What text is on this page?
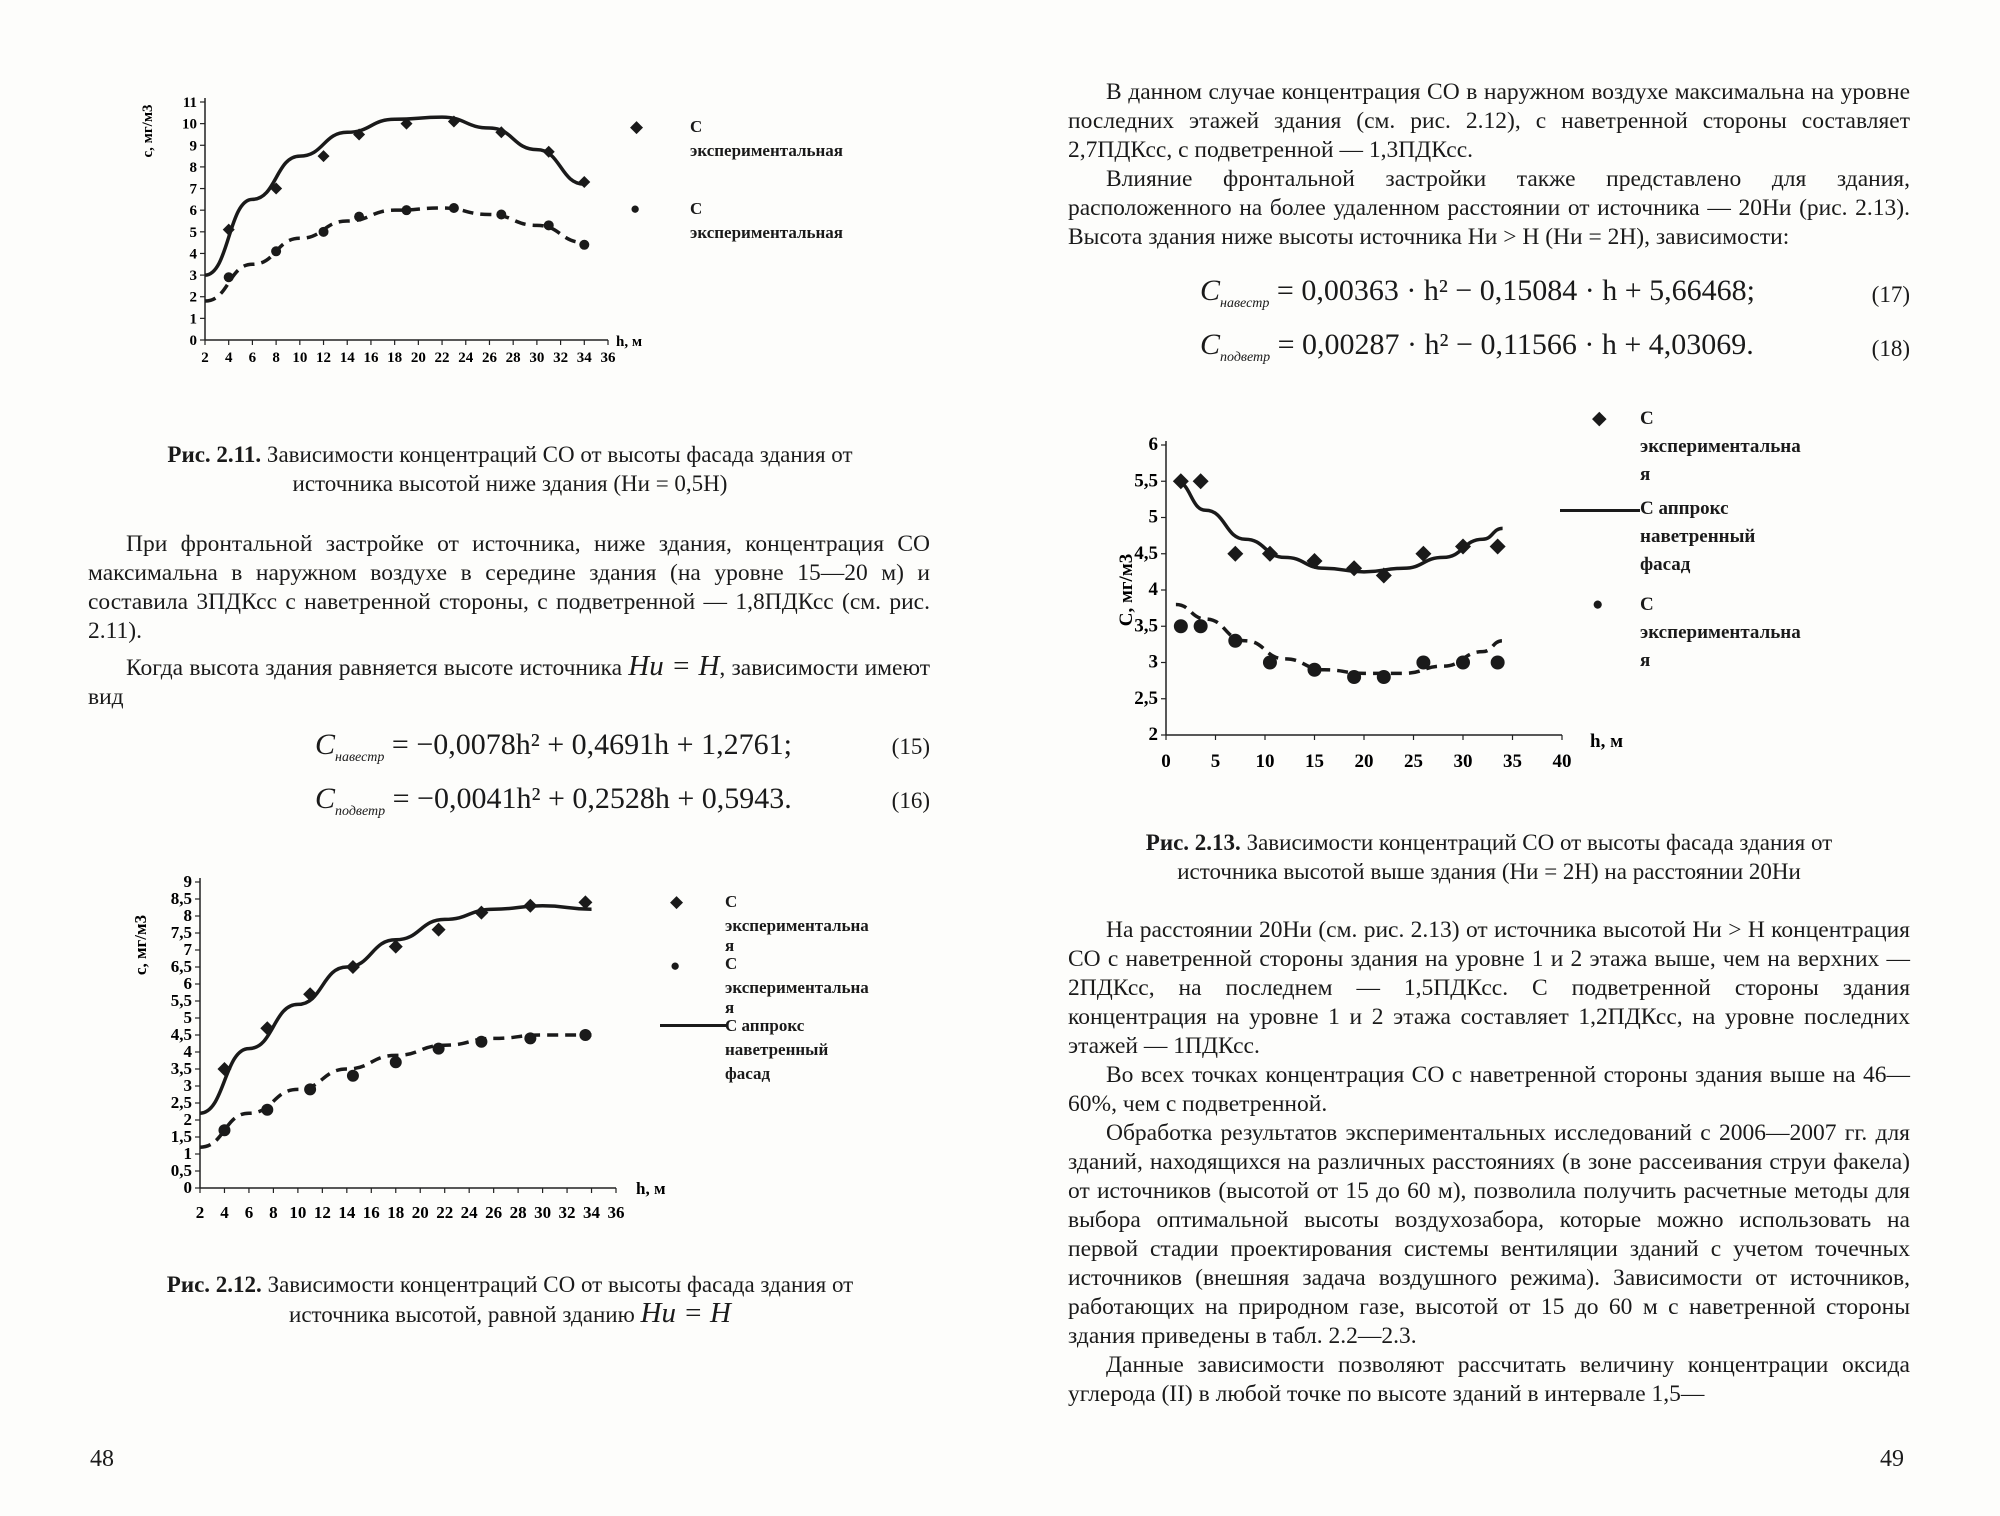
0
1
2
3
4
5
6
7
8
9
10
11
2 4 6 8 10 12 14 16 18 20 22 24 26 28 30 32 34 36
h, м
c, мг/м3	◆	С
экспериментальная
●	С
экспериментальная
Рис. 2.11. Зависимости концентраций СО от высоты фасада здания от
источника высотой ниже здания (Hи = 0,5H)

При фронтальной застройке от источника, ниже здания, концентрация СО максимальна в наружном воздухе в середине здания (на уровне 15—20 м) и составила 3ПДКсс с наветренной стороны, с подветренной — 1,8ПДКсс (см. рис. 2.11).

Когда высота здания равняется высоте источника Hи = H, зависимости имеют вид

$C_{навестр} = -0,0078h^2 + 0,4691h + 1,2761$;	(15)
$C_{подветр} = -0,0041h^2 + 0,2528h + 0,5943$.	(16)
0
0,5
1
1,5
2
2,5
3
3,5
4
4,5
5
5,5
6
6,5
7
7,5
8
8,5
9
2 4 6 8 10 12 14 16 18 20 22 24 26 28 30 32 34 36
h, м
c, мг/м3
◆ С
экспериментальна
я
●	С
экспериментальна
я
С аппрокс
наветренный
фасад
Рис. 2.12. Зависимости концентраций СО от высоты фасада здания от
источника высотой, равной зданию Hи = H
48

В данном случае концентрация СО в наружном воздухе максимальна на уровне последних этажей здания (см. рис. 2.12), с наветренной стороны составляет 2,7ПДКсс, с подветренной — 1,3ПДКсс.

Влияние фронтальной застройки также представлено для здания, расположенного на более удаленном расстоянии от источника — 20Hи (рис. 2.13). Высота здания ниже высоты источника Hи > H (Hи = 2H), зависимости:

$C_{навестр} = 0,00363 \cdot h^2 - 0,15084 \cdot h + 5,66468$;	(17)
$C_{подветр} = 0,00287 \cdot h^2 - 0,11566 \cdot h + 4,03069$.	(18)
2
2,5
3
3,5
4
4,5
5
5,5
6
0 5 10 15 20 25 30 35 40
h, м
C, мг/м3
◆ С
экспериментальна
я
С аппрокс
наветренный
фасад
● С
экспериментальна
я
Рис. 2.13. Зависимости концентраций СО от высоты фасада здания от
источника высотой выше здания (Hи = 2H) на расстоянии 20Hи

На расстоянии 20Hи (см. рис. 2.13) от источника высотой Hи > H концентрация СО с наветренной стороны здания на уровне 1 и 2 этажа выше, чем на верхних — 2ПДКсс, на последнем — 1,5ПДКсс. С подветренной стороны здания концентрация на уровне 1 и 2 этажа составляет 1,2ПДКсс, на уровне последних этажей — 1ПДКсс.

Во всех точках концентрация СО с наветренной стороны здания выше на 46—60%, чем с подветренной.

Обработка результатов экспериментальных исследований с 2006—2007 гг. для зданий, находящихся на различных расстояниях (в зоне рассеивания струи факела) от источников (высотой от 15 до 60 м), позволила получить расчетные методы для выбора оптимальной высоты воздухозабора, которые можно использовать на первой стадии проектирования системы вентиляции зданий с учетом точечных источников (внешняя задача воздушного режима). Зависимости от источников, работающих на природном газе, высотой от 15 до 60 м с наветренной стороны здания приведены в табл. 2.2—2.3.

Данные зависимости позволяют рассчитать величину концентрации оксида углерода (II) в любой точке по высоте зданий в интервале 1,5—

49
